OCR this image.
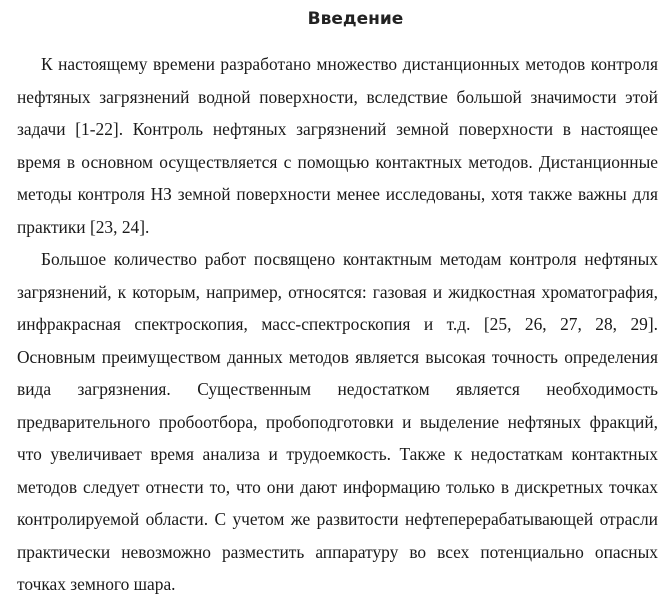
Введение

К настоящему времени разработано множество дистанционных методов контроля нефтяных загрязнений водной поверхности, вследствие большой значимости этой задачи [1-22]. Контроль нефтяных загрязнений земной поверхности в настоящее время в основном осуществляется с помощью контактных методов. Дистанционные методы контроля НЗ земной поверхности менее исследованы, хотя также важны для практики [23, 24].

Большое количество работ посвящено контактным методам контроля нефтяных загрязнений, к которым, например, относятся: газовая и жидкостная хроматография, инфракрасная спектроскопия, масс-спектроскопия и т.д. [25, 26, 27, 28, 29]. Основным преимуществом данных методов является высокая точность определения вида загрязнения. Существенным недостатком является необходимость предварительного пробоотбора, пробоподготовки и выделение нефтяных фракций, что увеличивает время анализа и трудоемкость. Также к недостаткам контактных методов следует отнести то, что они дают информацию только в дискретных точках контролируемой области. С учетом же развитости нефтеперерабатывающей отрасли практически невозможно разместить аппаратуру во всех потенциально опасных точках земного шара.
